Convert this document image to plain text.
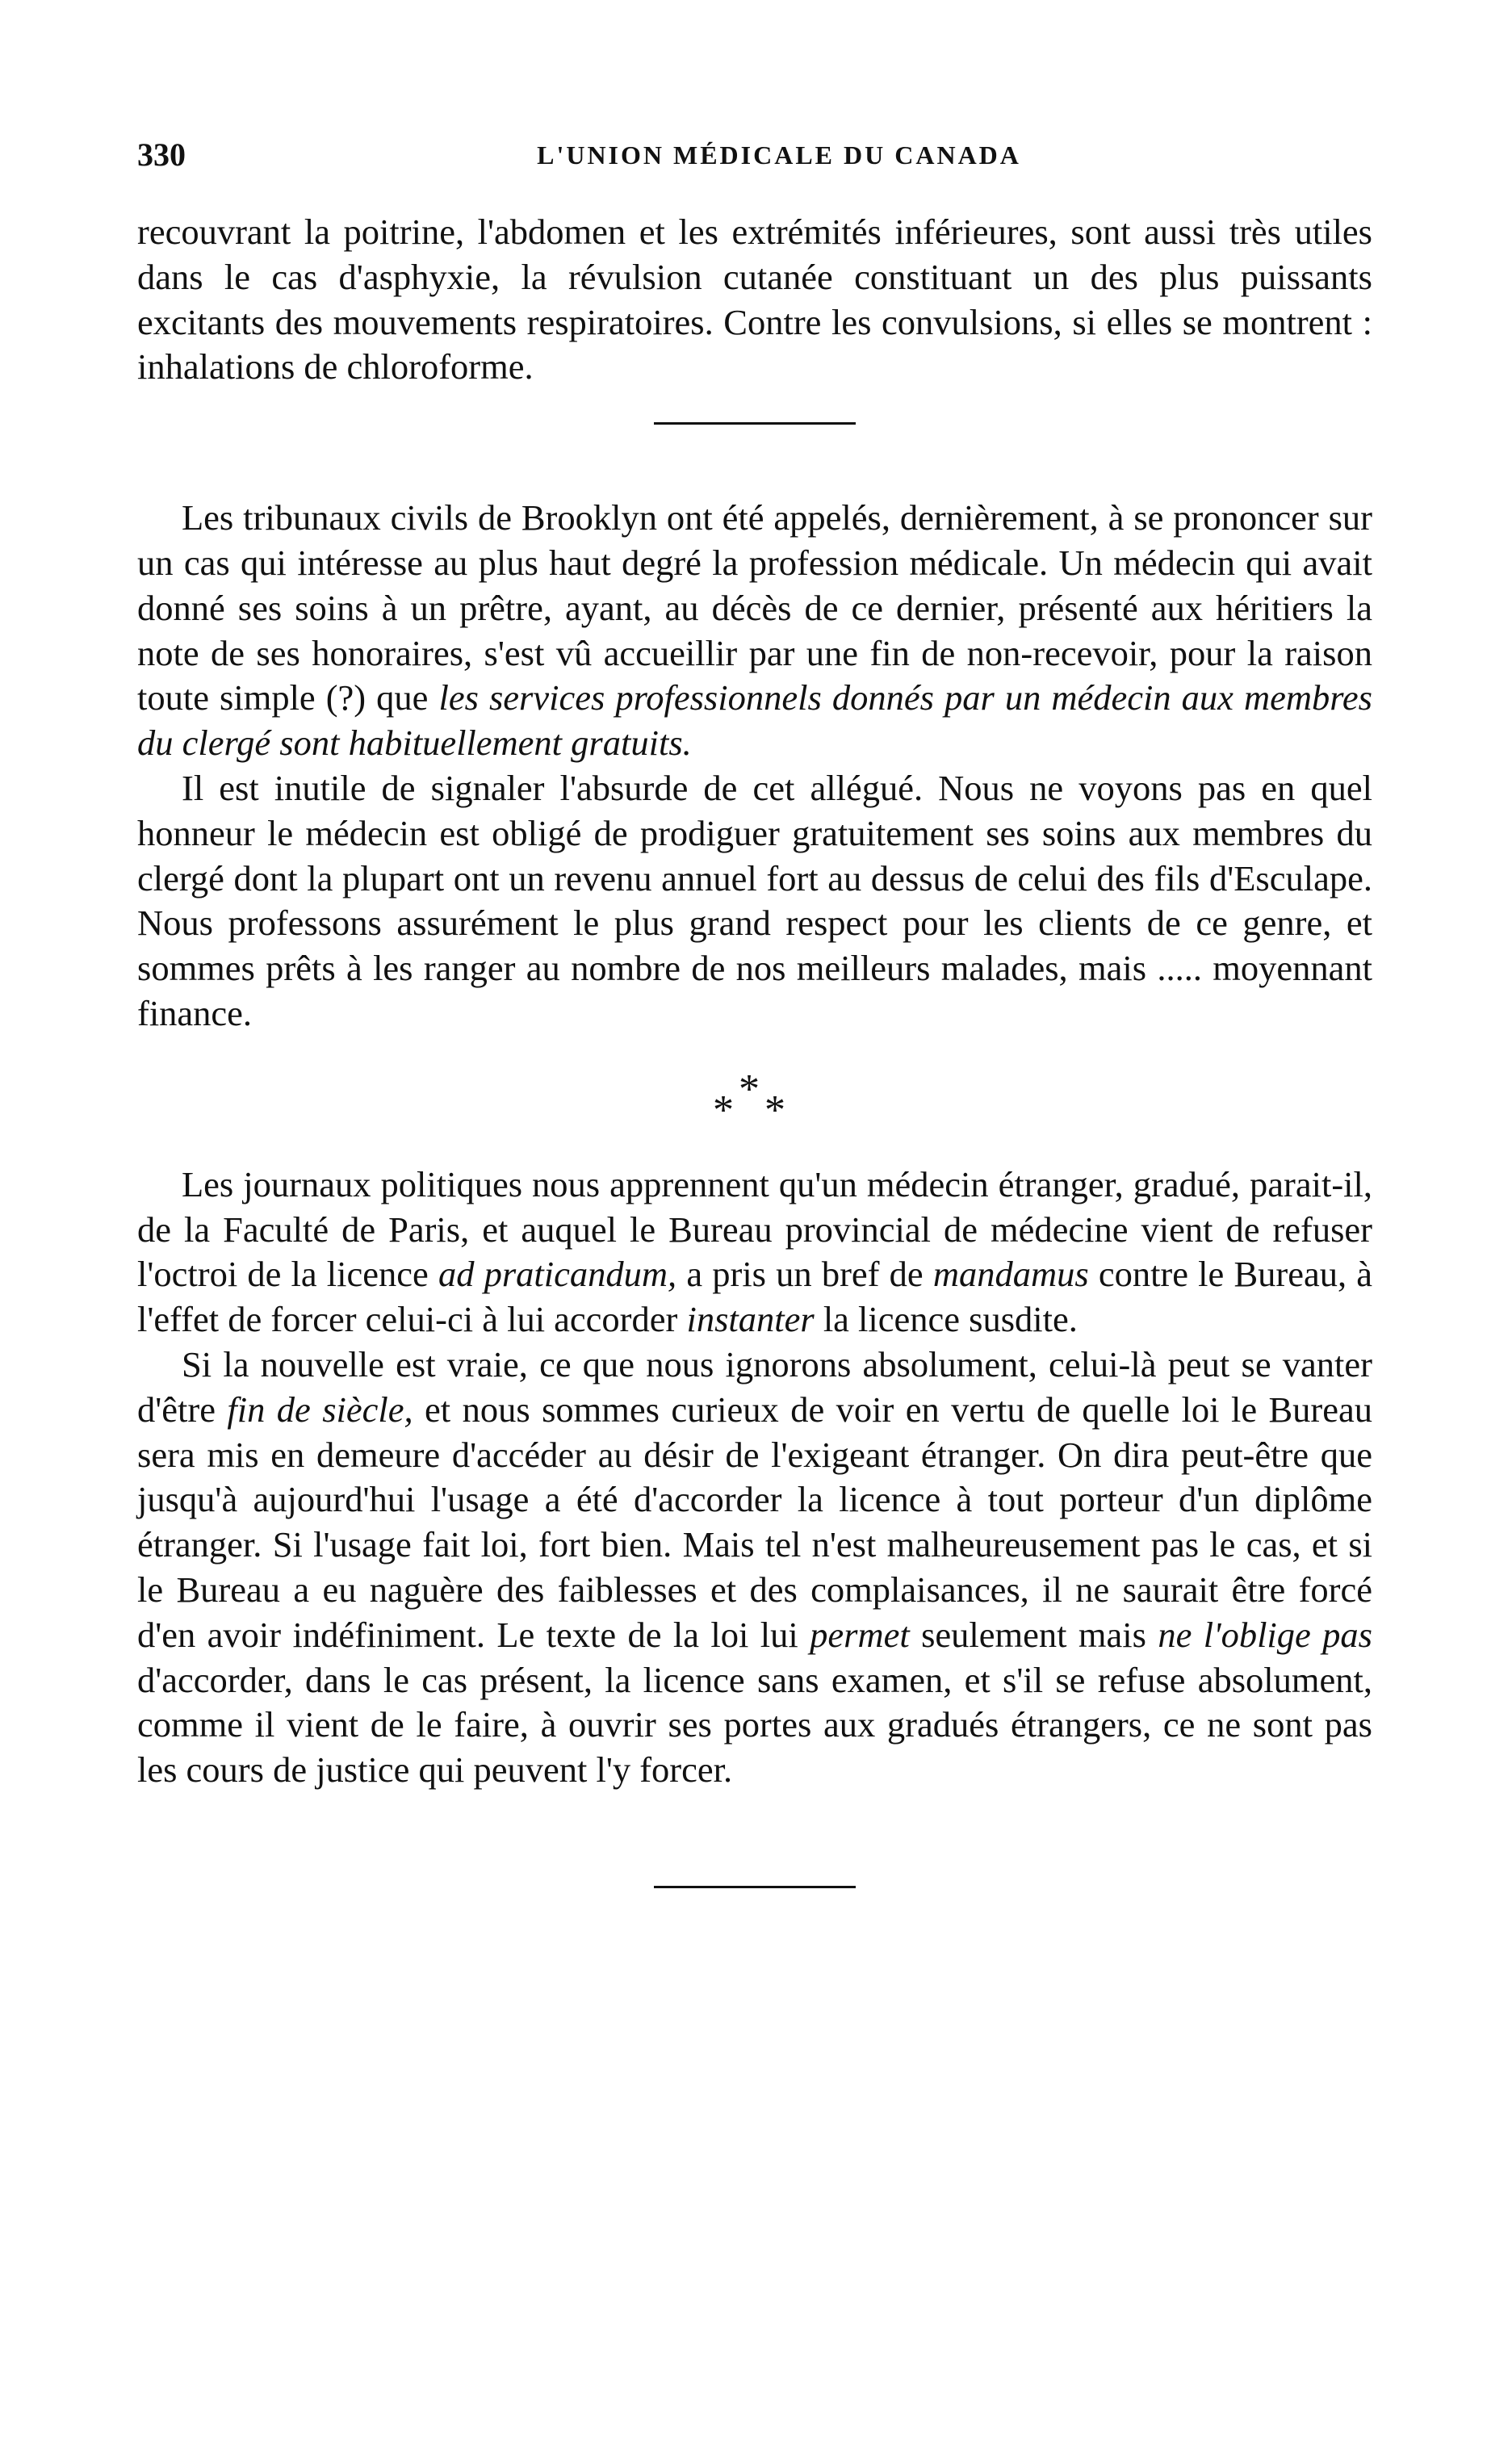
330	L'UNION MÉDICALE DU CANADA

recouvrant la poitrine, l'abdomen et les extrémités inférieures, sont aussi très utiles dans le cas d'asphyxie, la révulsion cutanée constituant un des plus puissants excitants des mouvements respiratoires. Contre les convulsions, si elles se montrent : inhalations de chloroforme.

Les tribunaux civils de Brooklyn ont été appelés, dernièrement, à se prononcer sur un cas qui intéresse au plus haut degré la profession médicale. Un médecin qui avait donné ses soins à un prêtre, ayant, au décès de ce dernier, présenté aux héritiers la note de ses honoraires, s'est vû accueillir par une fin de non-recevoir, pour la raison toute simple (?) que les services professionnels donnés par un médecin aux membres du clergé sont habituellement gratuits.

Il est inutile de signaler l'absurde de cet allégué. Nous ne voyons pas en quel honneur le médecin est obligé de prodiguer gratuitement ses soins aux membres du clergé dont la plupart ont un revenu annuel fort au dessus de celui des fils d'Esculape. Nous professons assurément le plus grand respect pour les clients de ce genre, et sommes prêts à les ranger au nombre de nos meilleurs malades, mais ..... moyennant finance.

* * *

Les journaux politiques nous apprennent qu'un médecin étranger, gradué, parait-il, de la Faculté de Paris, et auquel le Bureau provincial de médecine vient de refuser l'octroi de la licence ad praticandum, a pris un bref de mandamus contre le Bureau, à l'effet de forcer celui-ci à lui accorder instanter la licence susdite.

Si la nouvelle est vraie, ce que nous ignorons absolument, celui-là peut se vanter d'être fin de siècle, et nous sommes curieux de voir en vertu de quelle loi le Bureau sera mis en demeure d'accéder au désir de l'exigeant étranger. On dira peut-être que jusqu'à aujourd'hui l'usage a été d'accorder la licence à tout porteur d'un diplôme étranger. Si l'usage fait loi, fort bien. Mais tel n'est malheureusement pas le cas, et si le Bureau a eu naguère des faiblesses et des complaisances, il ne saurait être forcé d'en avoir indéfiniment. Le texte de la loi lui permet seulement mais ne l'oblige pas d'accorder, dans le cas présent, la licence sans examen, et s'il se refuse absolument, comme il vient de le faire, à ouvrir ses portes aux gradués étrangers, ce ne sont pas les cours de justice qui peuvent l'y forcer.
